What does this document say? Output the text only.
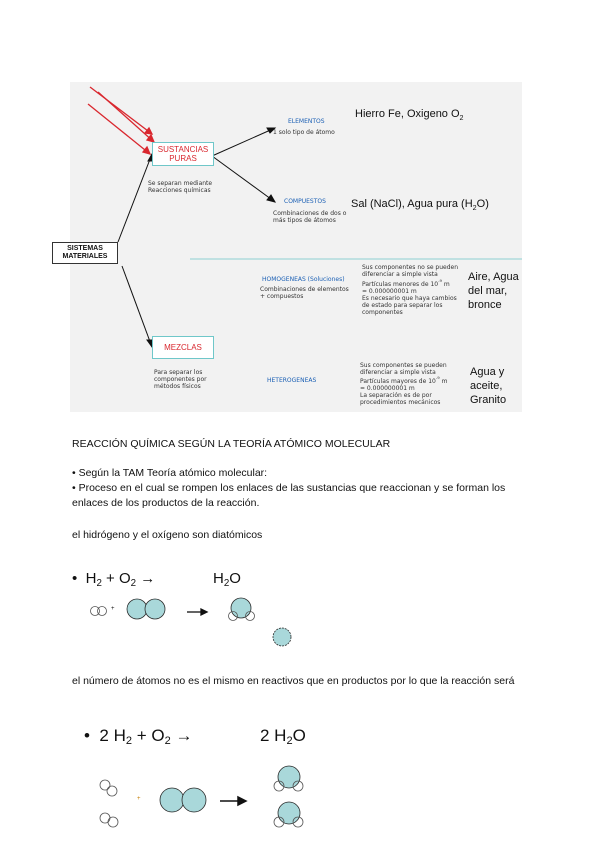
SUSTANCIAS PURAS
Se separan mediante Reacciones químicas
SISTEMAS MATERIALES
MEZCLAS
Para separar los componentes por métodos físicos
ELEMENTOS
1 solo tipo de átomo
Hierro Fe, Oxigeno $O_2$
COMPUESTOS
Combinaciones de dos o más tipos de átomos
Sal (NaCl), Agua pura $(H_2O)$
HOMOGENEAS (Soluciones)
Combinaciones de elementos + compuestos
Sus componentes no se pueden diferenciar a simple vista
Partículas menores de $10^{-9}$ m
= 0.000000001 m
Es necesario que haya cambios de estado para separar los componentes
Aire, Agua del mar, bronce
HETEROGENEAS
Sus componentes se pueden diferenciar a simple vista
Partículas mayores de $10^{-9}$ m
= 0.000000001 m
La separación es de por procedimientos mecánicos
Agua y aceite, Granito
REACCIÓN QUÍMICA SEGÚN LA TEORÍA ATÓMICO MOLECULAR
• Según la TAM Teoría atómico molecular:
• Proceso en el cual se rompen los enlaces de las sustancias que reaccionan y se forman los enlaces de los productos de la reacción.
el hidrógeno y el oxígeno son diatómicos
• $H_2 + O_2$ →	$H_2O$
+
el número de átomos no es el mismo en reactivos que en productos por lo que la reacción será
• 2 $H_2 + O_2$ →	2 $H_2O$
+
